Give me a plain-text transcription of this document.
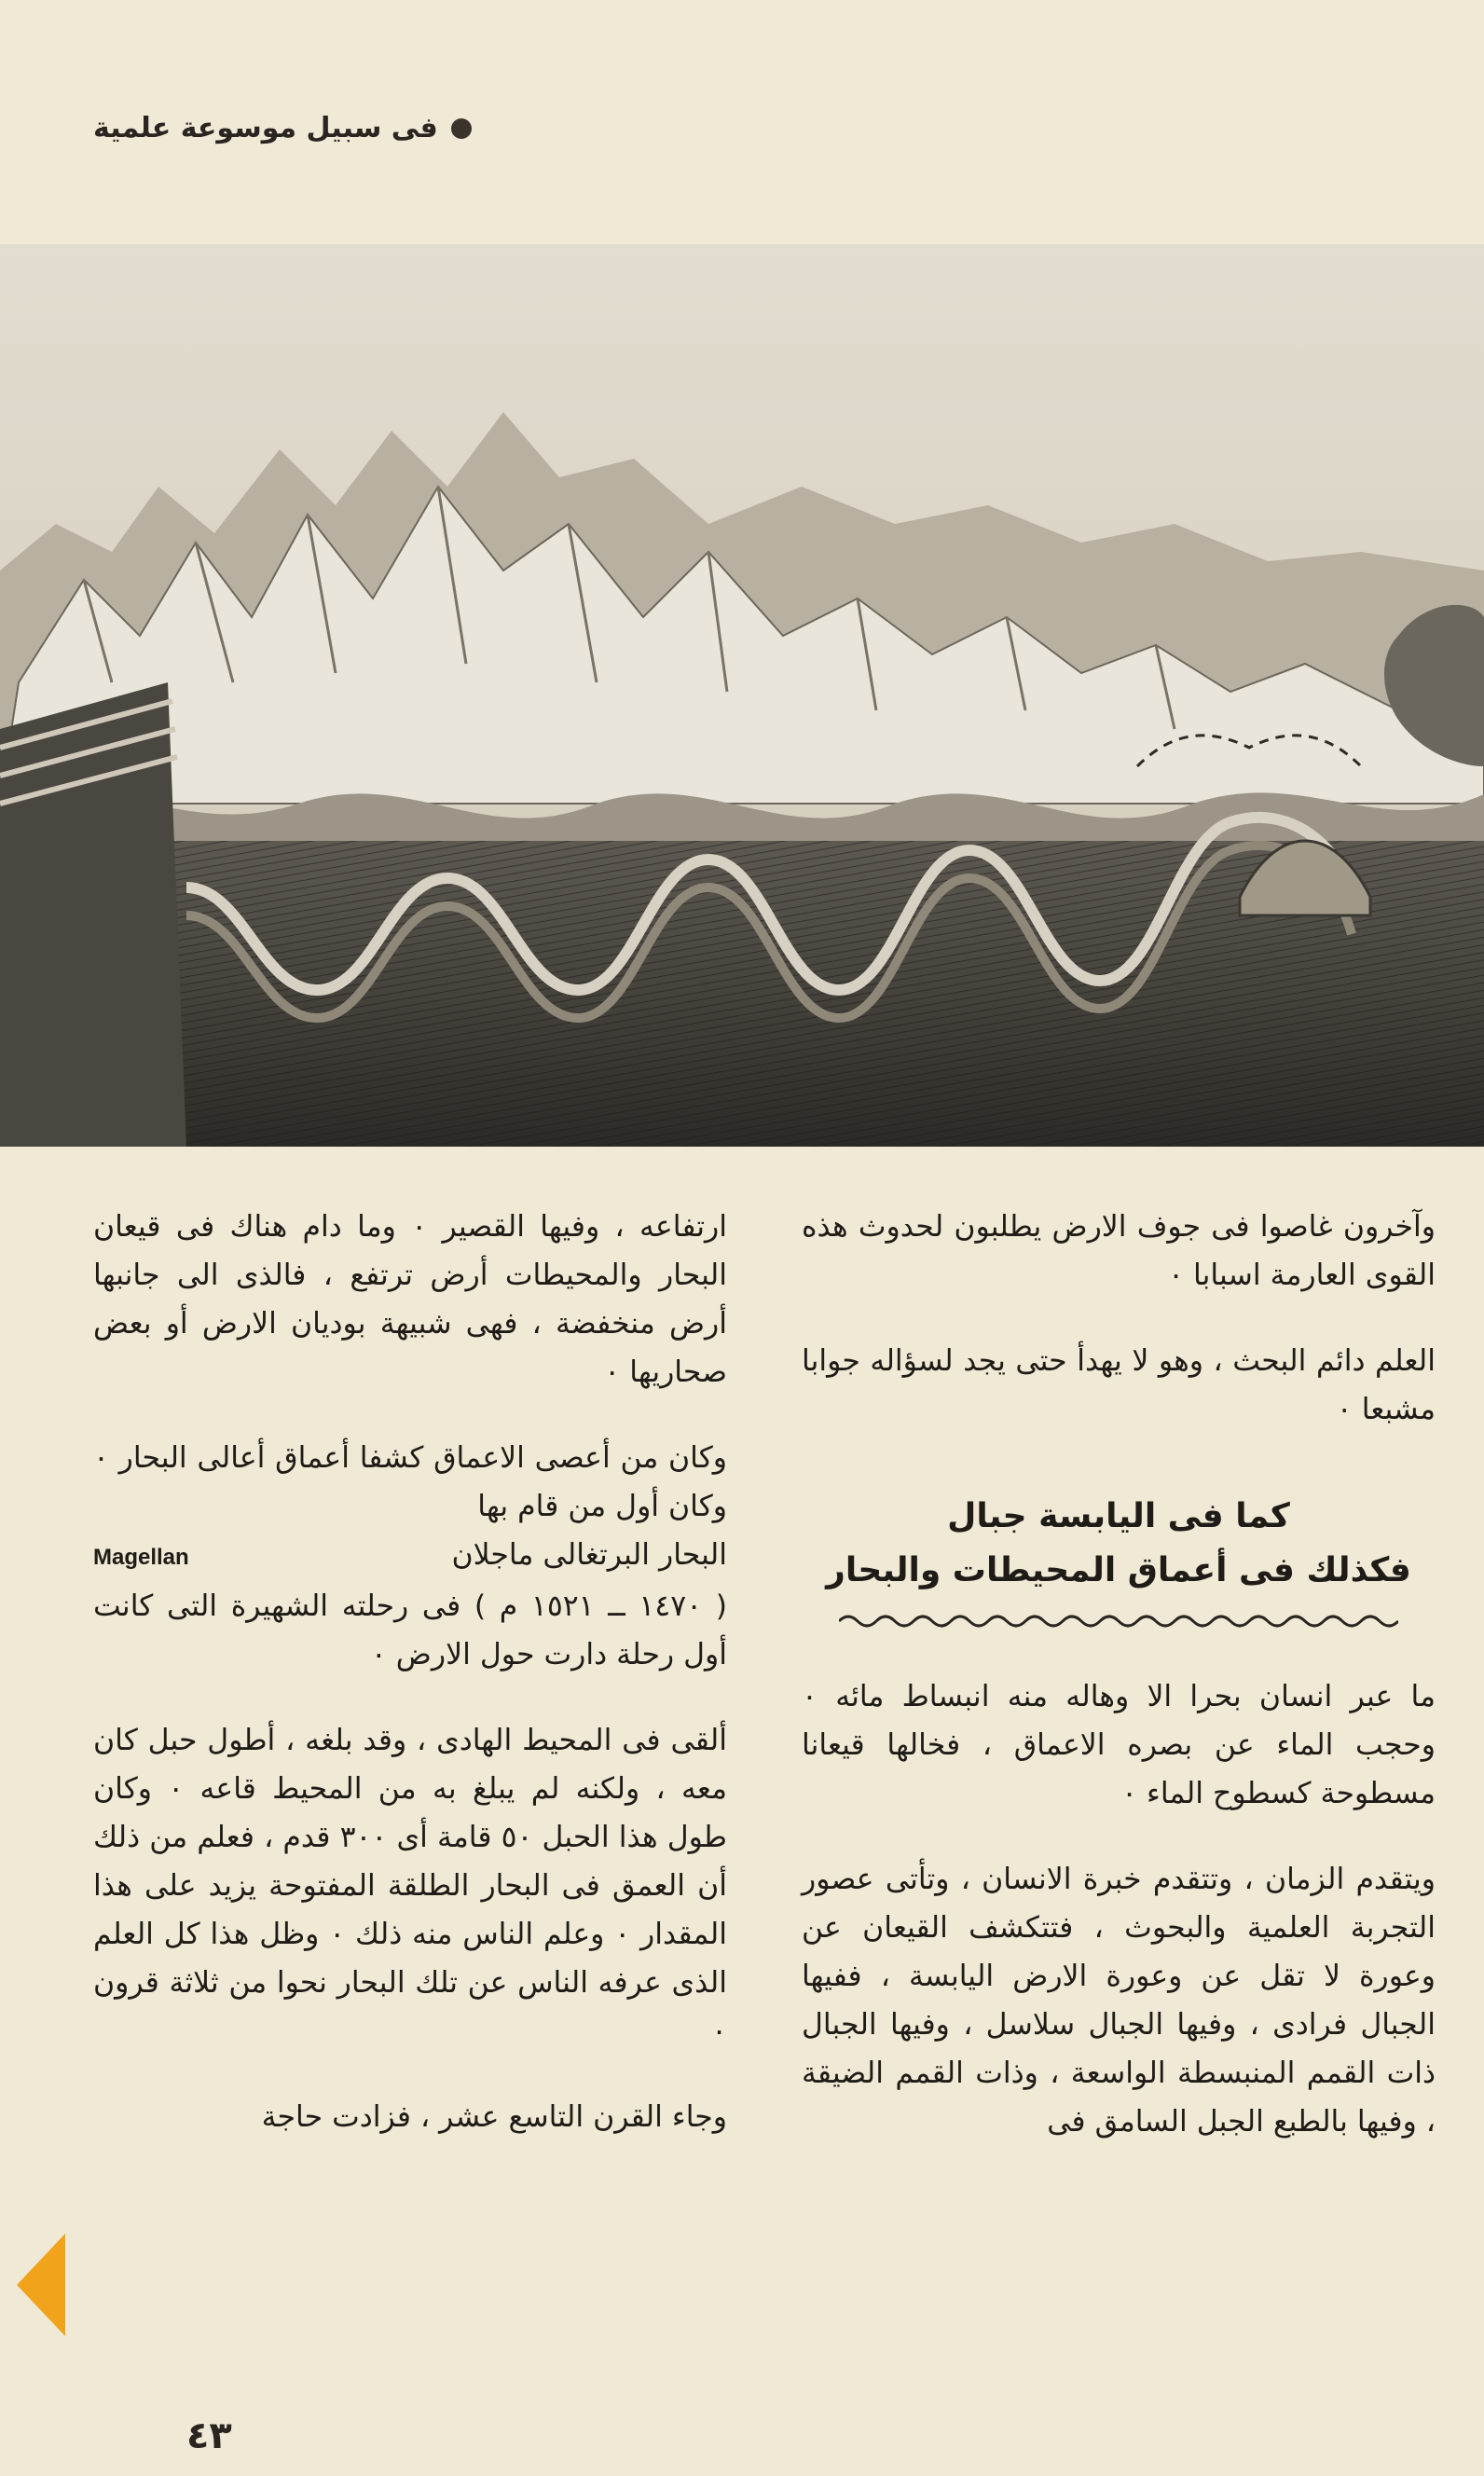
فى سبيل موسوعة علمية

وآخرون غاصوا فى جوف الارض يطلبون لحدوث هذه القوى العارمة اسبابا ٠

العلم دائم البحث ، وهو لا يهدأ حتى يجد لسؤاله جوابا مشبعا ٠

كما فى اليابسة جبال
فكذلك فى أعماق المحيطات والبحار

ما عبر انسان بحرا الا وهاله منه انبساط مائه ٠ وحجب الماء عن بصره الاعماق ، فخالها قيعانا مسطوحة كسطوح الماء ٠

ويتقدم الزمان ، وتتقدم خبرة الانسان ، وتأتى عصور التجربة العلمية والبحوث ، فتتكشف القيعان عن وعورة لا تقل عن وعورة الارض اليابسة ، ففيها الجبال فرادى ، وفيها الجبال سلاسل ، وفيها الجبال ذات القمم المنبسطة الواسعة ، وذات القمم الضيقة ، وفيها بالطبع الجبل السامق فى

ارتفاعه ، وفيها القصير ٠ وما دام هناك فى قيعان البحار والمحيطات أرض ترتفع ، فالذى الى جانبها أرض منخفضة ، فهى شبيهة بوديان الارض أو بعض صحاريها ٠

وكان من أعصى الاعماق كشفا أعماق أعالى البحار ٠ وكان أول من قام بها
البحار البرتغالى ماجلان
Magellan
( ١٤٧٠ ــ ١٥٢١ م ) فى رحلته الشهيرة التى كانت أول رحلة دارت حول الارض ٠

ألقى فى المحيط الهادى ، وقد بلغه ، أطول حبل كان معه ، ولكنه لم يبلغ به من المحيط قاعه ٠ وكان طول هذا الحبل ٥٠ قامة أى ٣٠٠ قدم ، فعلم من ذلك أن العمق فى البحار الطلقة المفتوحة يزيد على هذا المقدار ٠ وعلم الناس منه ذلك ٠ وظل هذا كل العلم الذى عرفه الناس عن تلك البحار نحوا من ثلاثة قرون ٠

وجاء القرن التاسع عشر ، فزادت حاجة

٤٣
